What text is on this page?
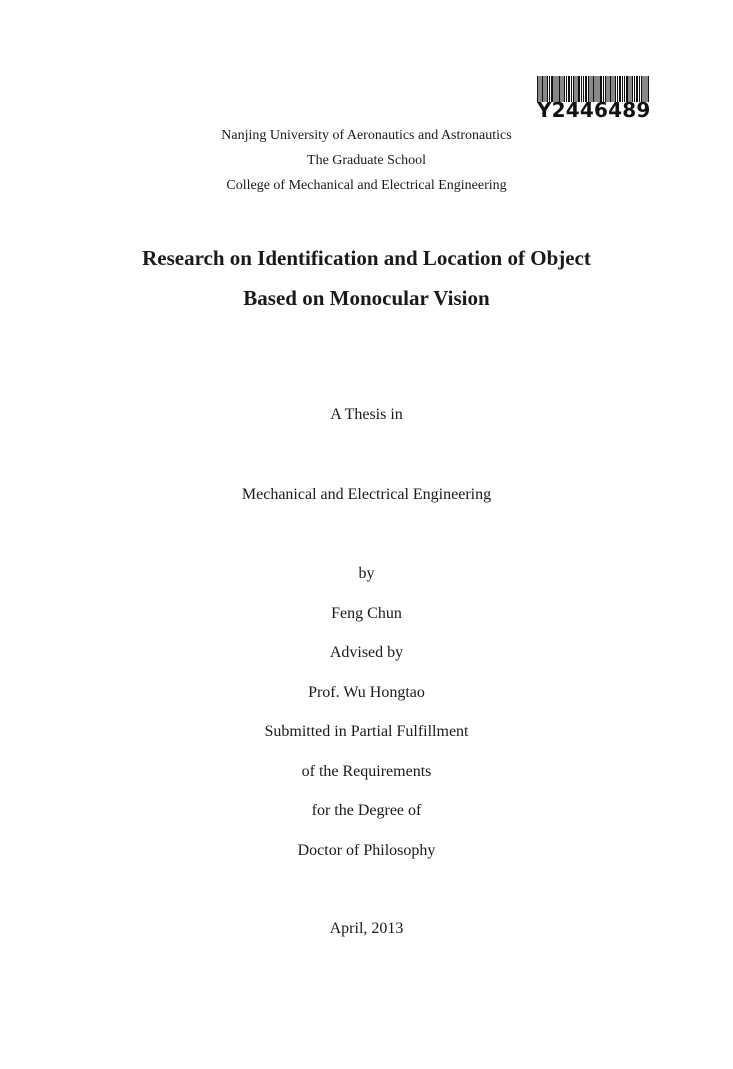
Y2446489
Nanjing University of Aeronautics and Astronautics
The Graduate School
College of Mechanical and Electrical Engineering
Research on Identification and Location of Object
Based on Monocular Vision
A Thesis in
Mechanical and Electrical Engineering
by
Feng Chun
Advised by
Prof. Wu Hongtao
Submitted in Partial Fulfillment
of the Requirements
for the Degree of
Doctor of Philosophy
April, 2013
